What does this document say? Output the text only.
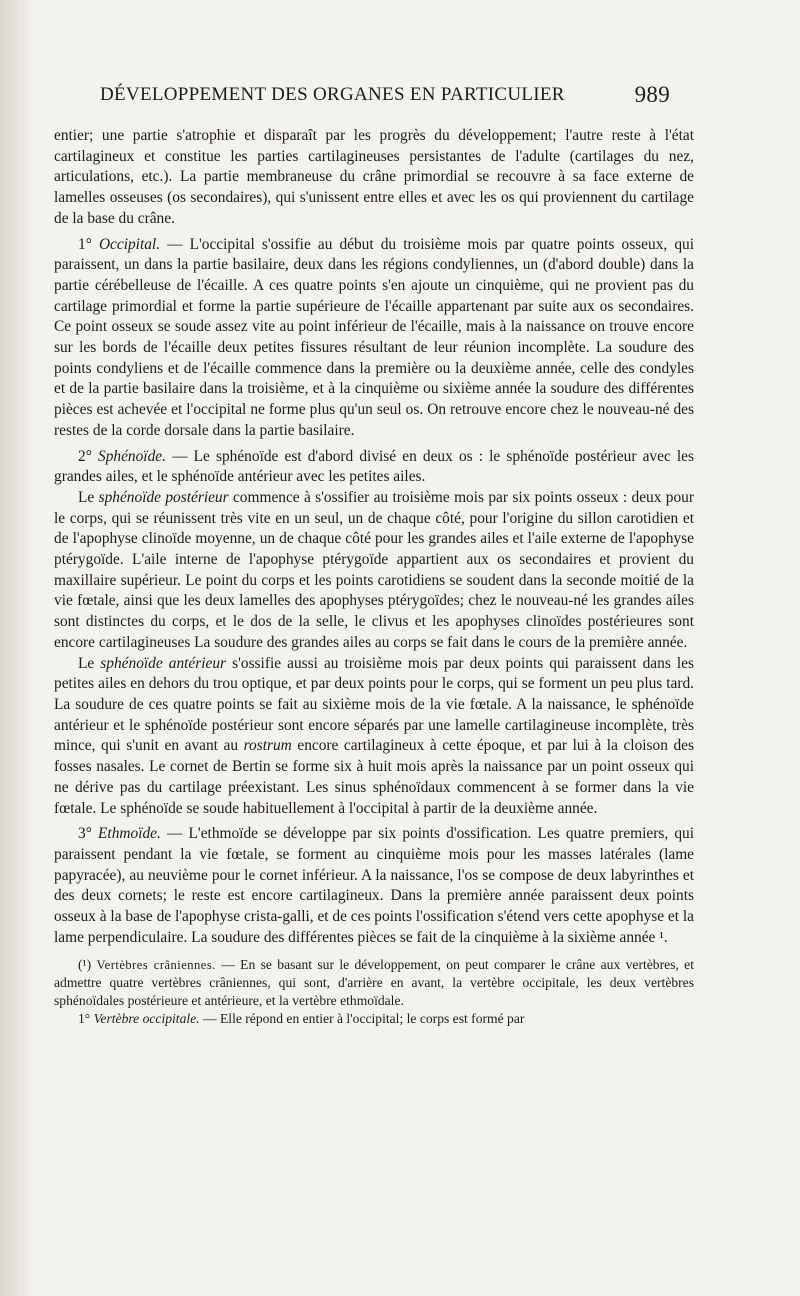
DÉVELOPPEMENT DES ORGANES EN PARTICULIER	989

entier; une partie s'atrophie et disparaît par les progrès du développement; l'autre reste à l'état cartilagineux et constitue les parties cartilagineuses persistantes de l'adulte (cartilages du nez, articulations, etc.). La partie membraneuse du crâne primordial se recouvre à sa face externe de lamelles osseuses (os secondaires), qui s'unissent entre elles et avec les os qui proviennent du cartilage de la base du crâne.

1° Occipital. — L'occipital s'ossifie au début du troisième mois par quatre points osseux, qui paraissent, un dans la partie basilaire, deux dans les régions condyliennes, un (d'abord double) dans la partie cérébelleuse de l'écaille. A ces quatre points s'en ajoute un cinquième, qui ne provient pas du cartilage primordial et forme la partie supérieure de l'écaille appartenant par suite aux os secondaires. Ce point osseux se soude assez vite au point inférieur de l'écaille, mais à la naissance on trouve encore sur les bords de l'écaille deux petites fissures résultant de leur réunion incomplète. La soudure des points condyliens et de l'écaille commence dans la première ou la deuxième année, celle des condyles et de la partie basilaire dans la troisième, et à la cinquième ou sixième année la soudure des différentes pièces est achevée et l'occipital ne forme plus qu'un seul os. On retrouve encore chez le nouveau-né des restes de la corde dorsale dans la partie basilaire.

2° Sphénoïde. — Le sphénoïde est d'abord divisé en deux os : le sphénoïde postérieur avec les grandes ailes, et le sphénoïde antérieur avec les petites ailes.

Le sphénoïde postérieur commence à s'ossifier au troisième mois par six points osseux : deux pour le corps, qui se réunissent très vite en un seul, un de chaque côté, pour l'origine du sillon carotidien et de l'apophyse clinoïde moyenne, un de chaque côté pour les grandes ailes et l'aile externe de l'apophyse ptérygoïde. L'aile interne de l'apophyse ptérygoïde appartient aux os secondaires et provient du maxillaire supérieur. Le point du corps et les points carotidiens se soudent dans la seconde moitié de la vie fœtale, ainsi que les deux lamelles des apophyses ptérygoïdes; chez le nouveau-né les grandes ailes sont distinctes du corps, et le dos de la selle, le clivus et les apophyses clinoïdes postérieures sont encore cartilagineuses La soudure des grandes ailes au corps se fait dans le cours de la première année.

Le sphénoïde antérieur s'ossifie aussi au troisième mois par deux points qui paraissent dans les petites ailes en dehors du trou optique, et par deux points pour le corps, qui se forment un peu plus tard. La soudure de ces quatre points se fait au sixième mois de la vie fœtale. A la naissance, le sphénoïde antérieur et le sphénoïde postérieur sont encore séparés par une lamelle cartilagineuse incomplète, très mince, qui s'unit en avant au rostrum encore cartilagineux à cette époque, et par lui à la cloison des fosses nasales. Le cornet de Bertin se forme six à huit mois après la naissance par un point osseux qui ne dérive pas du cartilage préexistant. Les sinus sphénoïdaux commencent à se former dans la vie fœtale. Le sphénoïde se soude habituellement à l'occipital à partir de la deuxième année.

3° Ethmoïde. — L'ethmoïde se développe par six points d'ossification. Les quatre premiers, qui paraissent pendant la vie fœtale, se forment au cinquième mois pour les masses latérales (lame papyracée), au neuvième pour le cornet inférieur. A la naissance, l'os se compose de deux labyrinthes et des deux cornets; le reste est encore cartilagineux. Dans la première année paraissent deux points osseux à la base de l'apophyse crista-galli, et de ces points l'ossification s'étend vers cette apophyse et la lame perpendiculaire. La soudure des différentes pièces se fait de la cinquième à la sixième année ¹.

(¹) Vertèbres crâniennes. — En se basant sur le développement, on peut comparer le crâne aux vertèbres, et admettre quatre vertèbres crâniennes, qui sont, d'arrière en avant, la vertèbre occipitale, les deux vertèbres sphénoïdales postérieure et antérieure, et la vertèbre ethmoïdale.

1° Vertèbre occipitale. — Elle répond en entier à l'occipital; le corps est formé par
